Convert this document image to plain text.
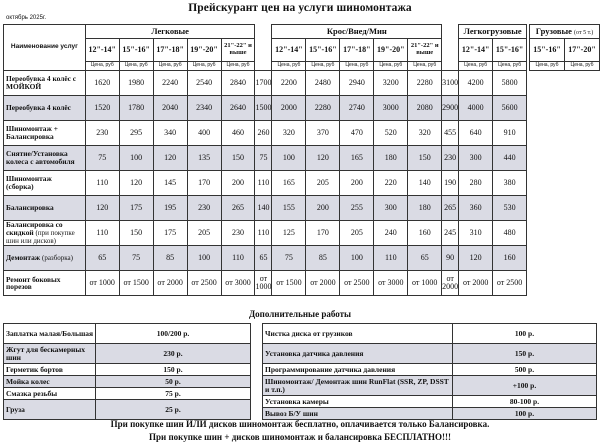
октябрь 2025г.
Прейскурант цен на услуги шиномонтажа
Наименование услуг	Легковые						Крос/Внед/Мин						Легкогрузовые			Грузовые (от 5 т.)	
	12"-14"	15"-16"	17"-18"	19"-20"	21"-22" и выше		12"-14"	15"-16"	17"-18"	19"-20"	21"-22" и выше		12"-14"	15"-16"		15"-16"	17"-20"
	Цена, руб	Цена, руб	Цена, руб	Цена, руб	Цена, руб		Цена, руб	Цена, руб	Цена, руб	Цена, руб	Цена, руб		Цена, руб	Цена, руб		Цена, руб	Цена, руб
Переобувка 4 колёс с
МОЙКОЙ	1620	1980	2240	2540	2840	1700	2200	2480	2940	3200	2280	3100	4200	5800			
Переобувка 4 колёс	1520	1780	2040	2340	2640	1500	2000	2280	2740	3000	2080	2900	4000	5600			
Шиномонтаж +
Балансировка	230	295	340	400	460	260	320	370	470	520	320	455	640	910			
Снятие/Установка
колеса с автомобиля	75	100	120	135	150	75	100	120	165	180	150	230	300	440			
Шиномонтаж
(сборка)	110	120	145	170	200	110	165	205	200	220	140	190	280	380			
Балансировка	120	175	195	230	265	140	155	200	255	300	180	265	360	530			
Балансировка со
скидкой (при покупке шин или дисков)	110	150	175	205	230	110	125	170	205	240	160	245	310	480			
Демонтаж (разборка)	65	75	85	100	110	65	75	85	100	110	65	90	120	160			
Ремонт боковых
порезов	от 1000	от 1500	от 2000	от 2500	от 3000	от 1000	от 1500	от 2000	от 2500	от 3000	от 1000	от 2000	от 2000	от 2500			
Дополнительные работы
Заплатка малая/Большая	100/200 р.
Жгут для бескамерных шин	230 р.
Герметик бортов	150 р.
Мойка колес	50 р.
Смазка резьбы	75 р.
Груза	25 р.
Чистка диска от грузиков	100 р.
Установка датчика давления	150 р.
Программирование датчика давления	500 р.
Шиномонтаж/ Демонтаж шин RunFlat (SSR, ZP, DSST и т.п.)	+100 р.
Установка камеры	80-100 р.
Вывоз Б/У шин	100 р.
При покупке шин ИЛИ дисков шиномонтаж бесплатно, оплачивается только Балансировка.
При покупке шин + дисков шиномонтаж и балансировка БЕСПЛАТНО!!!
